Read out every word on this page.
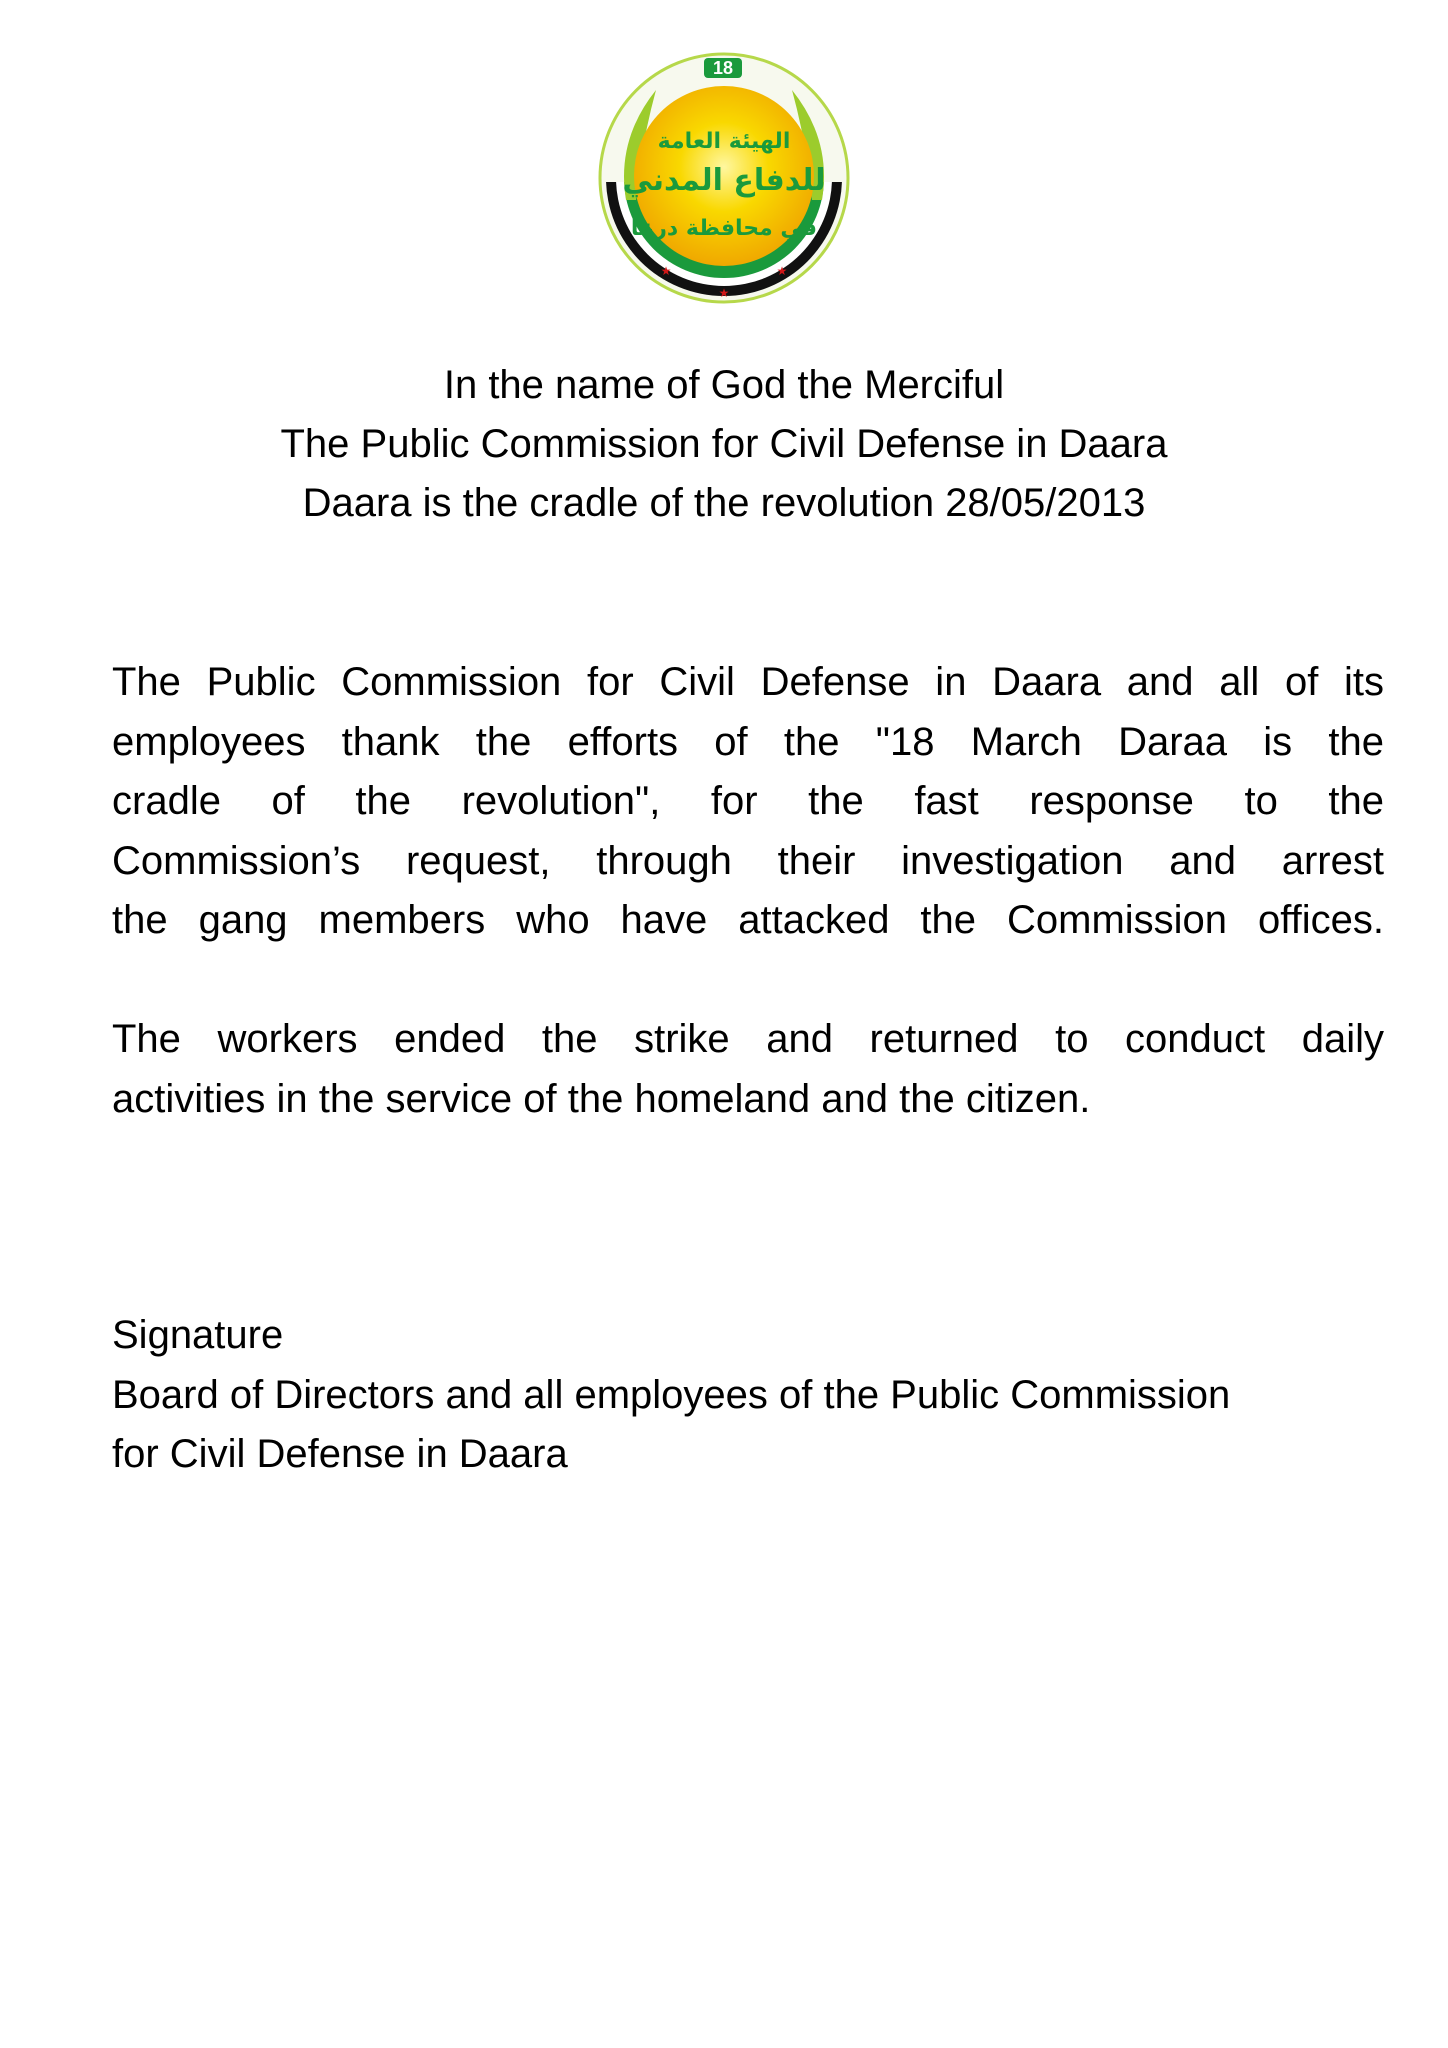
★
★
★
18
الهيئة العامة
للدفاع المدني
في محافظة درعا
In the name of God the Merciful
The Public Commission for Civil Defense in Daara
Daara is the cradle of the revolution 28/05/2013
The Public Commission for Civil Defense in Daara and all of its
employees thank the efforts of the "18 March Daraa is the
cradle of the revolution", for the fast response to the
Commission’s request, through their investigation and arrest
the gang members who have attacked the Commission offices.
The workers ended the strike and returned to conduct daily
activities in the service of the homeland and the citizen.
Signature
Board of Directors and all employees of the Public Commission
for Civil Defense in Daara
